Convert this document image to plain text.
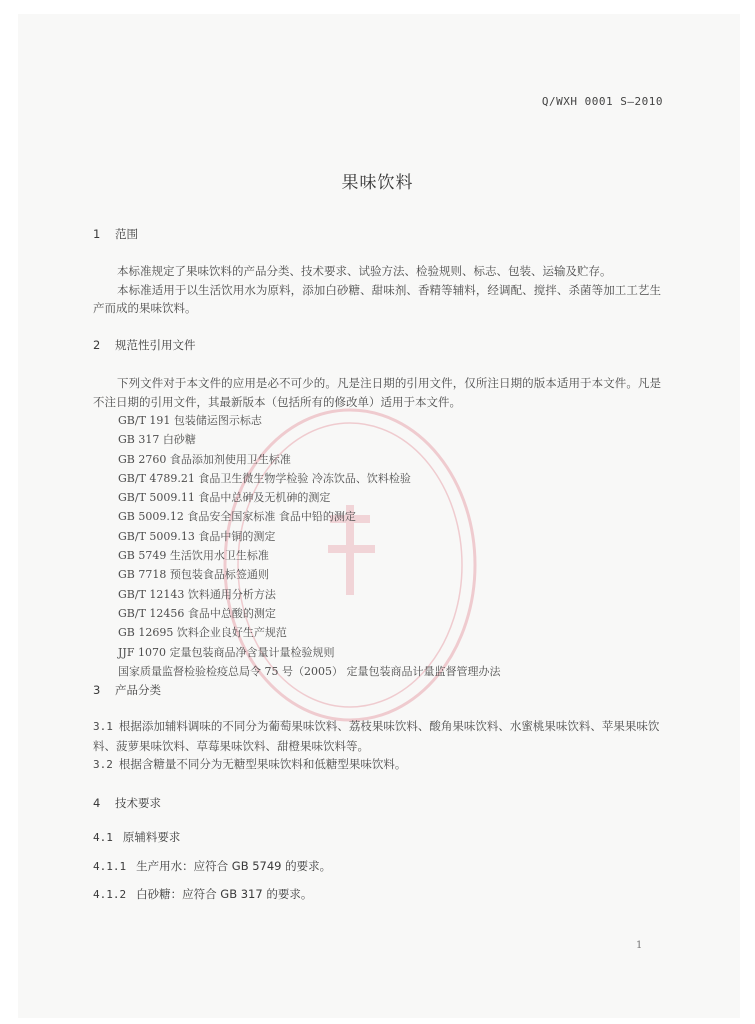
Q/WXH 0001 S—2010
果味饮料
1 范围

本标准规定了果味饮料的产品分类、技术要求、试验方法、检验规则、标志、包装、运输及贮存。

本标准适用于以生活饮用水为原料，添加白砂糖、甜味剂、香精等辅料，经调配、搅拌、杀菌等加工工艺生产而成的果味饮料。

2 规范性引用文件

下列文件对于本文件的应用是必不可少的。凡是注日期的引用文件，仅所注日期的版本适用于本文件。凡是不注日期的引用文件，其最新版本（包括所有的修改单）适用于本文件。

GB/T 191 包装储运图示标志
GB 317 白砂糖
GB 2760 食品添加剂使用卫生标准
GB/T 4789.21 食品卫生微生物学检验 冷冻饮品、饮料检验
GB/T 5009.11 食品中总砷及无机砷的测定
GB 5009.12 食品安全国家标准 食品中铅的测定
GB/T 5009.13 食品中铜的测定
GB 5749 生活饮用水卫生标准
GB 7718 预包装食品标签通则
GB/T 12143 饮料通用分析方法
GB/T 12456 食品中总酸的测定
GB 12695 饮料企业良好生产规范
JJF 1070 定量包装商品净含量计量检验规则
国家质量监督检验检疫总局令 75 号（2005） 定量包装商品计量监督管理办法
3 产品分类
3.1 根据添加辅料调味的不同分为葡萄果味饮料、荔枝果味饮料、酸角果味饮料、水蜜桃果味饮料、苹果果味饮料、菠萝果味饮料、草莓果味饮料、甜橙果味饮料等。
3.2 根据含糖量不同分为无糖型果味饮料和低糖型果味饮料。
4 技术要求
4.1 原辅料要求
4.1.1 生产用水：应符合 GB 5749 的要求。
4.1.2 白砂糖：应符合 GB 317 的要求。
1
